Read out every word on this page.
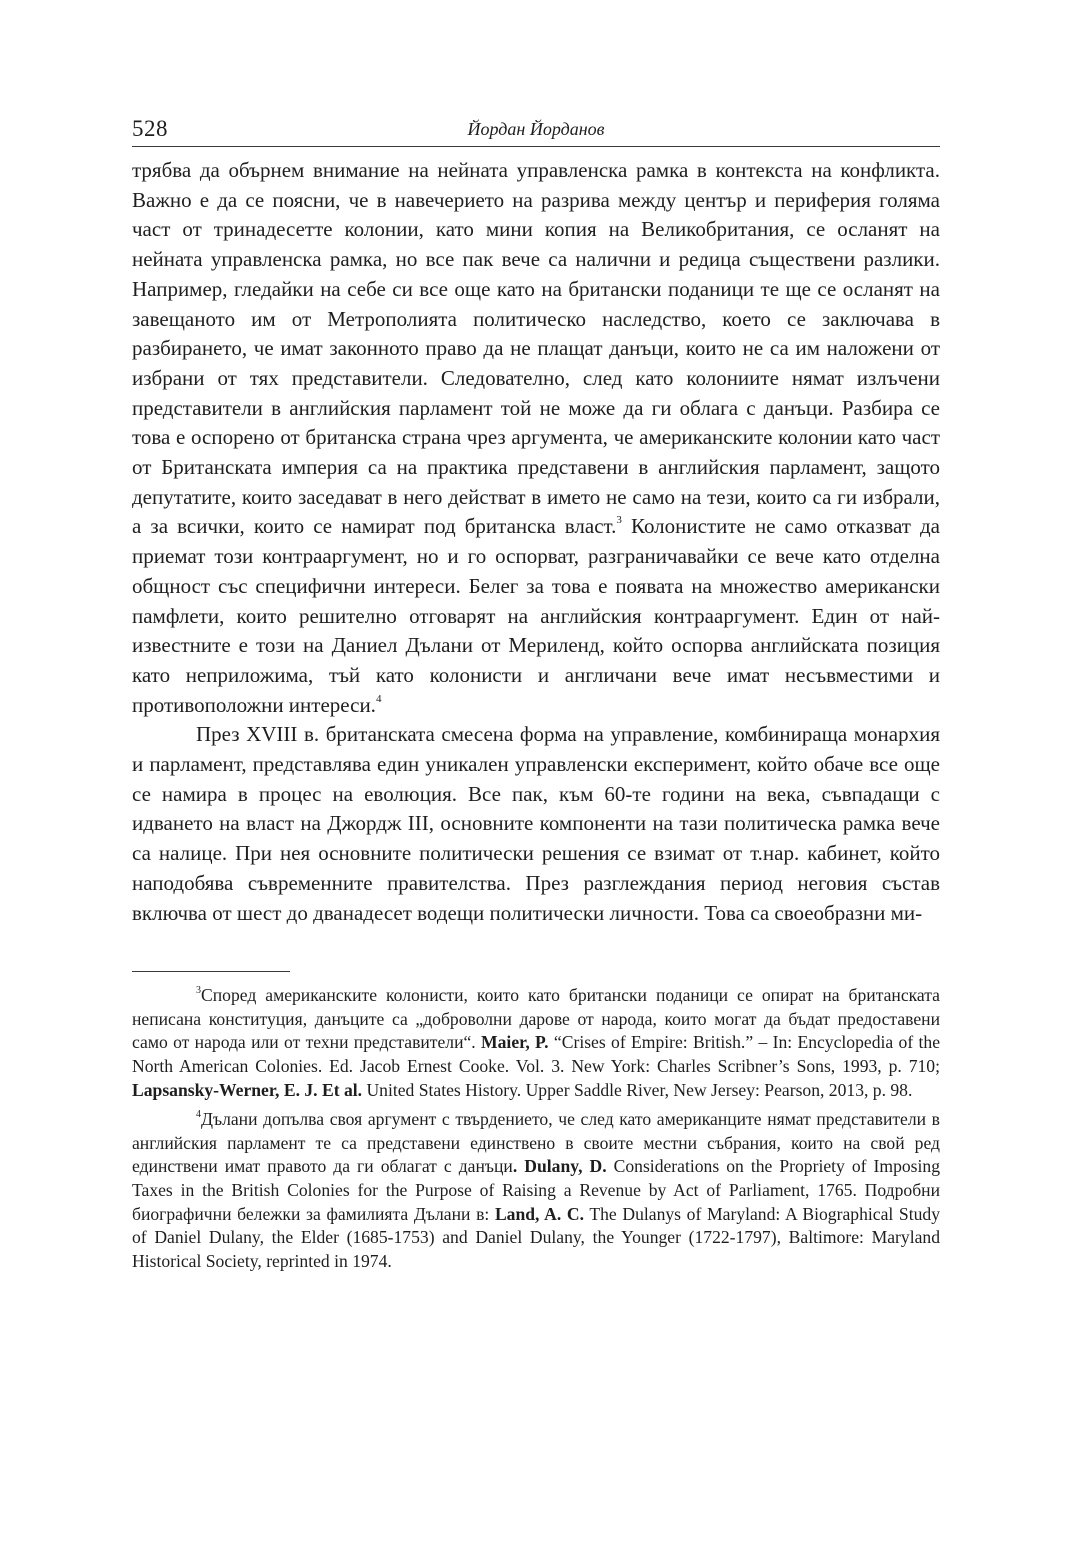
528	Йордан Йорданов

трябва да обърнем внимание на нейната управленска рамка в контекста на конфликта. Важно е да се поясни, че в навечерието на разрива между център и периферия голяма част от тринадесетте колонии, като мини копия на Великобритания, се осланят на нейната управленска рамка, но все пак вече са налични и редица съществени разлики. Например, гледайки на себе си все още като на британски поданици те ще се осланят на завещаното им от Метрополията политическо наследство, което се заключава в разбирането, че имат законното право да не плащат данъци, които не са им наложени от избрани от тях представители. Следователно, след като колониите нямат излъчени представители в английския парламент той не може да ги облага с данъци. Разбира се това е оспорено от британска страна чрез аргумента, че американските колонии като част от Британската империя са на практика представени в английския парламент, защото депутатите, които заседават в него действат в името не само на тези, които са ги избрали, а за всички, които се намират под британска власт.$^3$ Колонистите не само отказват да приемат този контрааргумент, но и го оспорват, разграничавайки се вече като отделна общност със специфични интереси. Белег за това е появата на множество американски памфлети, които решително отговарят на английския контрааргумент. Един от най-известните е този на Даниел Дълани от Мериленд, който оспорва английската позиция като неприложима, тъй като колонисти и англичани вече имат несъвместими и противоположни интереси.$^4$

През XVIII в. британската смесена форма на управление, комбинираща монархия и парламент, представлява един уникален управленски експеримент, който обаче все още се намира в процес на еволюция. Все пак, към 60-те години на века, съвпадащи с идването на власт на Джордж III, основните компоненти на тази политическа рамка вече са налице. При нея основните политически решения се взимат от т.нар. кабинет, който наподобява съвременните правителства. През разглеждания период неговия състав включва от шест до дванадесет водещи политически личности. Това са своеобразни ми-

$^3$Според американските колонисти, които като британски поданици се опират на британската неписана конституция, данъците са „доброволни дарове от народа, които могат да бъдат предоставени само от народа или от техни представители“. Maier, P. “Crises of Empire: British.” – In: Encyclopedia of the North American Colonies. Ed. Jacob Ernest Cooke. Vol. 3. New York: Charles Scribner’s Sons, 1993, p. 710; Lapsansky-Werner, E. J. Et al. United States History. Upper Saddle River, New Jersey: Pearson, 2013, p. 98.

$^4$Дълани допълва своя аргумент с твърдението, че след като американците нямат представители в английския парламент те са представени единствено в своите местни събрания, които на свой ред единствени имат правото да ги облагат с данъци. Dulany, D. Considerations on the Propriety of Imposing Taxes in the British Colonies for the Purpose of Raising a Revenue by Act of Parliament, 1765. Подробни биографични бележки за фамилията Дълани в: Land, A. C. The Dulanys of Maryland: A Biographical Study of Daniel Dulany, the Elder (1685-1753) and Daniel Dulany, the Younger (1722-1797), Baltimore: Maryland Historical Society, reprinted in 1974.
